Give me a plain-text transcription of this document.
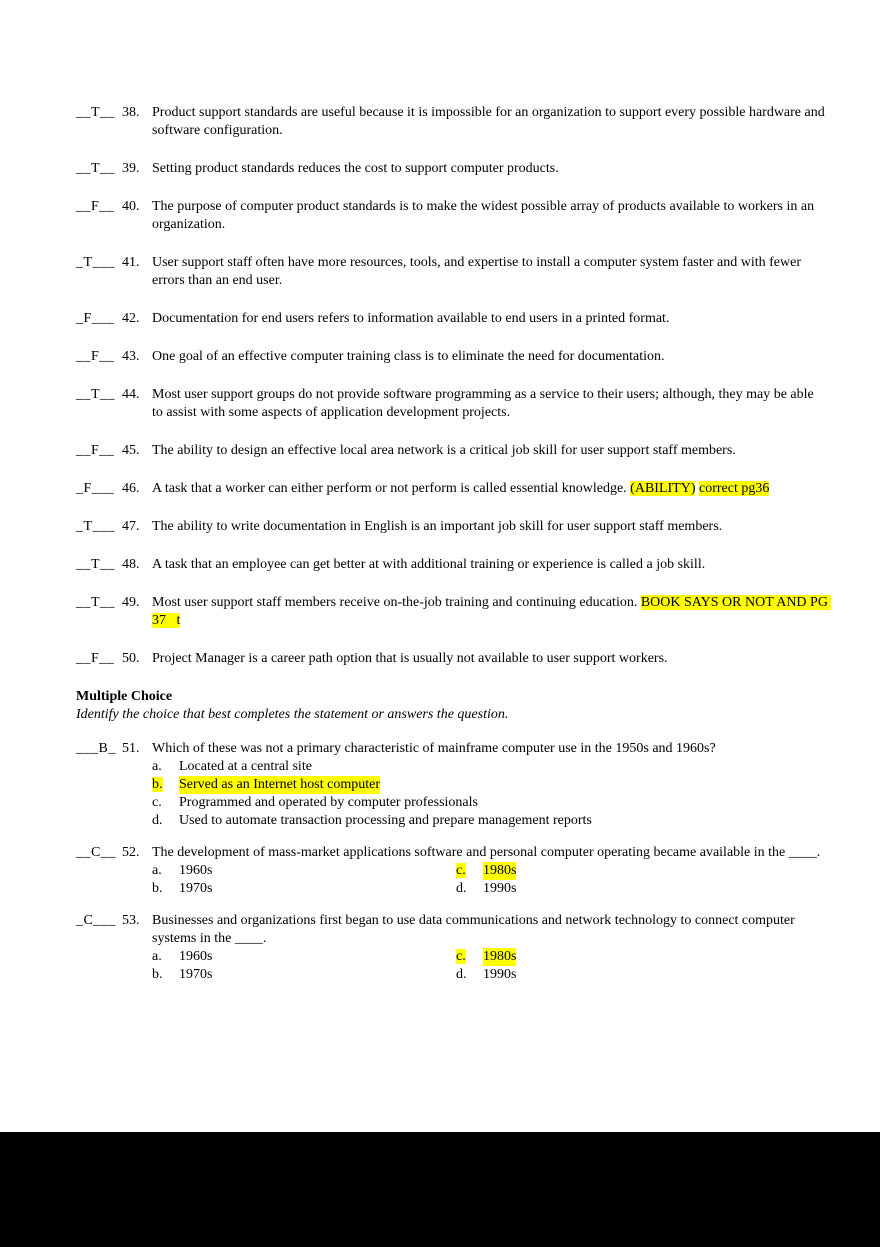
__T__ 38. Product support standards are useful because it is impossible for an organization to support every possible hardware and software configuration.
__T__ 39. Setting product standards reduces the cost to support computer products.
__F__ 40. The purpose of computer product standards is to make the widest possible array of products available to workers in an organization.
_T___ 41. User support staff often have more resources, tools, and expertise to install a computer system faster and with fewer errors than an end user.
_F___ 42. Documentation for end users refers to information available to end users in a printed format.
__F__ 43. One goal of an effective computer training class is to eliminate the need for documentation.
__T__ 44. Most user support groups do not provide software programming as a service to their users; although, they may be able to assist with some aspects of application development projects.
__F__ 45. The ability to design an effective local area network is a critical job skill for user support staff members.
_F___ 46. A task that a worker can either perform or not perform is called essential knowledge. (ABILITY) correct pg36
_T___ 47. The ability to write documentation in English is an important job skill for user support staff members.
__T__ 48. A task that an employee can get better at with additional training or experience is called a job skill.
__T__ 49. Most user support staff members receive on-the-job training and continuing education. BOOK SAYS OR NOT AND PG 37   t
__F__ 50. Project Manager is a career path option that is usually not available to user support workers.
Multiple Choice

Identify the choice that best completes the statement or answers the question.

___B_ 51. Which of these was not a primary characteristic of mainframe computer use in the 1950s and 1960s?
a.	Located at a central site
b.	Served as an Internet host computer
c.	Programmed and operated by computer professionals
d.	Used to automate transaction processing and prepare management reports
__C__ 52. The development of mass-market applications software and personal computer operating became available in the ____.
a.	1960s
b.	1970s
c.	1980s
d.	1990s
_C___ 53. Businesses and organizations first began to use data communications and network technology to connect computer systems in the ____.
a.	1960s
b.	1970s
c.	1980s
d.	1990s
